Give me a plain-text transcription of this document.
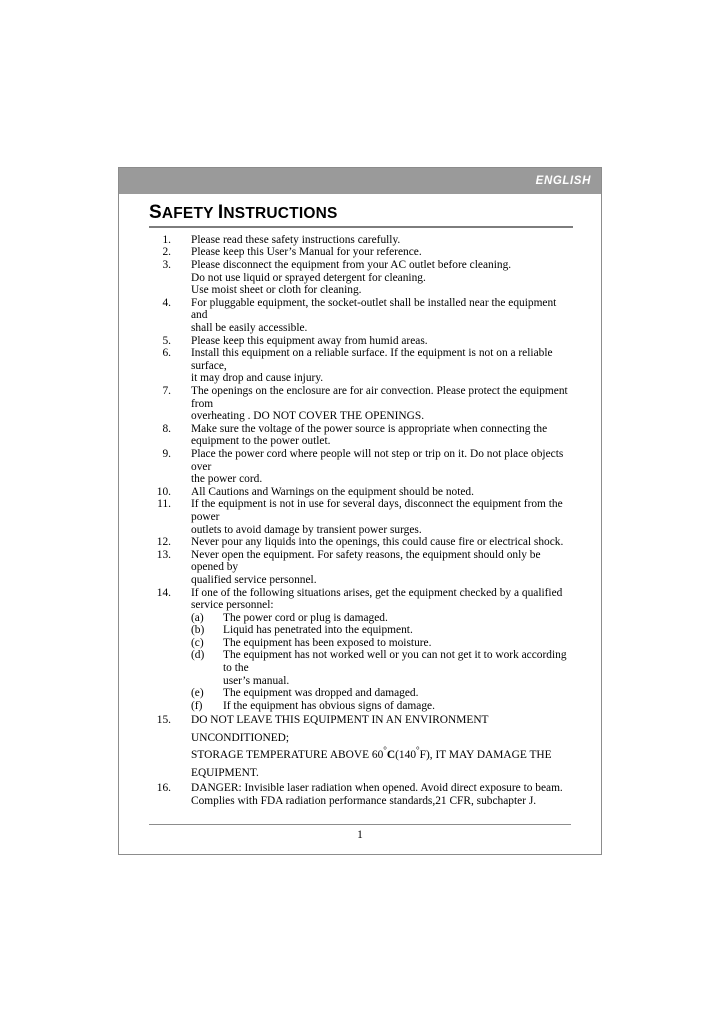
ENGLISH
SAFETY INSTRUCTIONS
1. Please read these safety instructions carefully.
2. Please keep this User’s Manual for your reference.
3. Please disconnect the equipment from your AC outlet before cleaning.
Do not use liquid or sprayed detergent for cleaning.
Use moist sheet or cloth for cleaning.
4. For pluggable equipment, the socket-outlet shall be installed near the equipment and
shall be easily accessible.
5. Please keep this equipment away from humid areas.
6. Install this equipment on a reliable surface. If the equipment is not on a reliable surface,
it may drop and cause injury.
7. The openings on the enclosure are for air convection. Please protect the equipment from
overheating . DO NOT COVER THE OPENINGS.
8. Make sure the voltage of the power source is appropriate when connecting the
equipment to the power outlet.
9. Place the power cord where people will not step or trip on it. Do not place objects over
the power cord.
10. All Cautions and Warnings on the equipment should be noted.
11. If the equipment is not in use for several days, disconnect the equipment from the power
outlets to avoid damage by transient power surges.
12. Never pour any liquids into the openings, this could cause fire or electrical shock.
13. Never open the equipment. For safety reasons, the equipment should only be opened by
qualified service personnel.
14. If one of the following situations arises, get the equipment checked by a qualified
service personnel:
(a)	The power cord or plug is damaged.
(b)	Liquid has penetrated into the equipment.
(c)	The equipment has been exposed to moisture.
(d)	The equipment has not worked well or you can not get it to work according to the
user’s manual.
(e)	The equipment was dropped and damaged.
(f)	If the equipment has obvious signs of damage.
15. DO NOT LEAVE THIS EQUIPMENT IN AN ENVIRONMENT UNCONDITIONED;
STORAGE TEMPERATURE ABOVE 60°C(140°F), IT MAY DAMAGE THE
EQUIPMENT.
16. DANGER: Invisible laser radiation when opened. Avoid direct exposure to beam.
Complies with FDA radiation performance standards,21 CFR, subchapter J.
1
